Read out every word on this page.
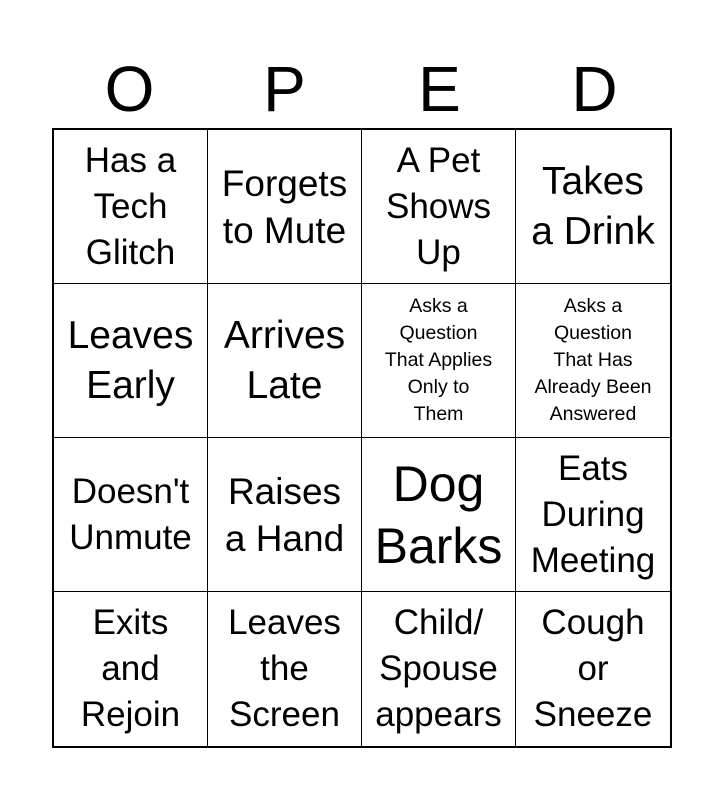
O	P	E	D
Has a
Tech
Glitch
Forgets
to Mute
A Pet
Shows
Up
Takes
a Drink
Leaves
Early
Arrives
Late
Asks a
Question
That Applies
Only to
Them
Asks a
Question
That Has
Already Been
Answered
Doesn't
Unmute
Raises
a Hand
Dog
Barks
Eats
During
Meeting
Exits
and
Rejoin
Leaves
the
Screen
Child/
Spouse
appears
Cough
or
Sneeze
